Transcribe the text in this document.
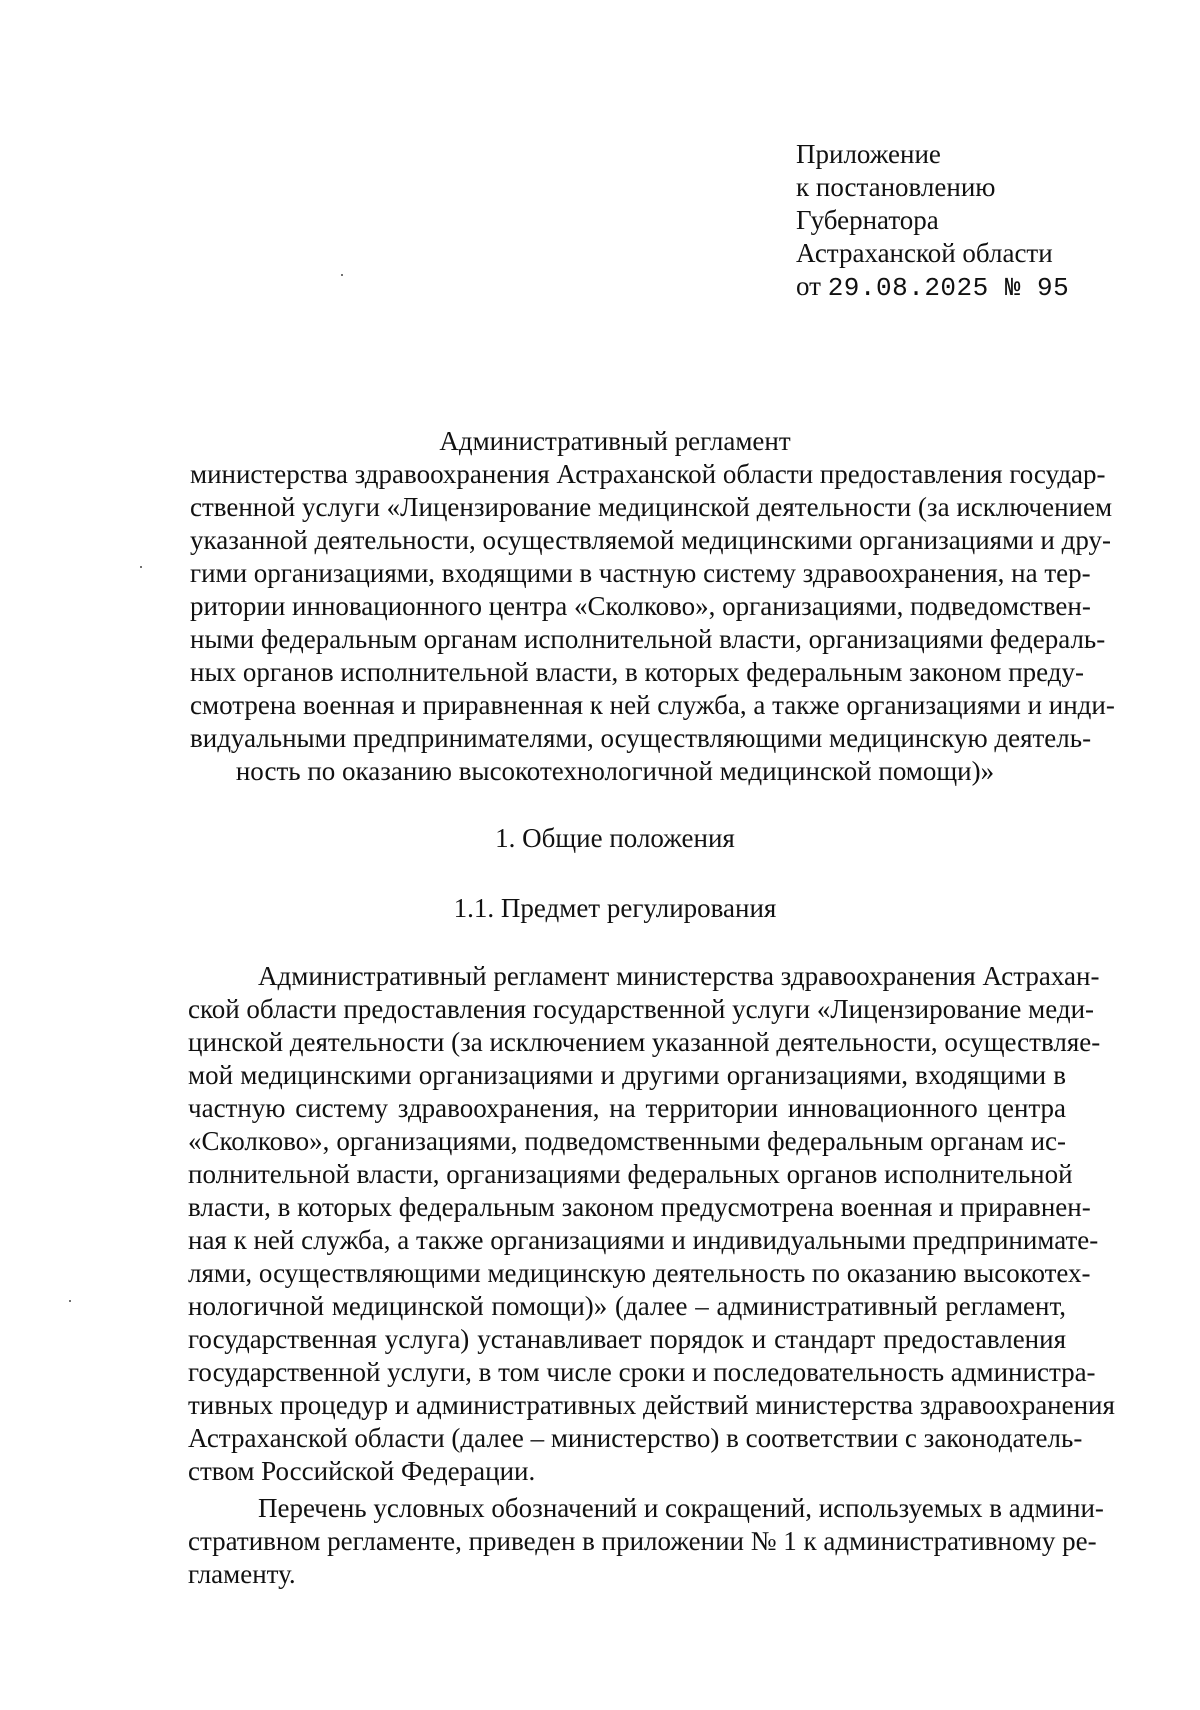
Приложение
к постановлению
Губернатора
Астраханской области
от 29.08.2025 № 95
Административный регламент
министерства здравоохранения Астраханской области предоставления государ-
ственной услуги «Лицензирование медицинской деятельности (за исключением
указанной деятельности, осуществляемой медицинскими организациями и дру-
гими организациями, входящими в частную систему здравоохранения, на тер-
ритории инновационного центра «Сколково», организациями, подведомствен-
ными федеральным органам исполнительной власти, организациями федераль-
ных органов исполнительной власти, в которых федеральным законом преду-
смотрена военная и приравненная к ней служба, а также организациями и инди-
видуальными предпринимателями, осуществляющими медицинскую деятель-
ность по оказанию высокотехнологичной медицинской помощи)»
1. Общие положения
1.1. Предмет регулирования
Административный регламент министерства здравоохранения Астрахан-
ской области предоставления государственной услуги «Лицензирование меди-
цинской деятельности (за исключением указанной деятельности, осуществляе-
мой медицинскими организациями и другими организациями, входящими в
частную систему здравоохранения, на территории инновационного центра
«Сколково», организациями, подведомственными федеральным органам ис-
полнительной власти, организациями федеральных органов исполнительной
власти, в которых федеральным законом предусмотрена военная и приравнен-
ная к ней служба, а также организациями и индивидуальными предпринимате-
лями, осуществляющими медицинскую деятельность по оказанию высокотех-
нологичной медицинской помощи)» (далее – административный регламент,
государственная услуга) устанавливает порядок и стандарт предоставления
государственной услуги, в том числе сроки и последовательность администра-
тивных процедур и административных действий министерства здравоохранения
Астраханской области (далее – министерство) в соответствии с законодатель-
ством Российской Федерации.
Перечень условных обозначений и сокращений, используемых в админи-
стративном регламенте, приведен в приложении № 1 к административному ре-
гламенту.
